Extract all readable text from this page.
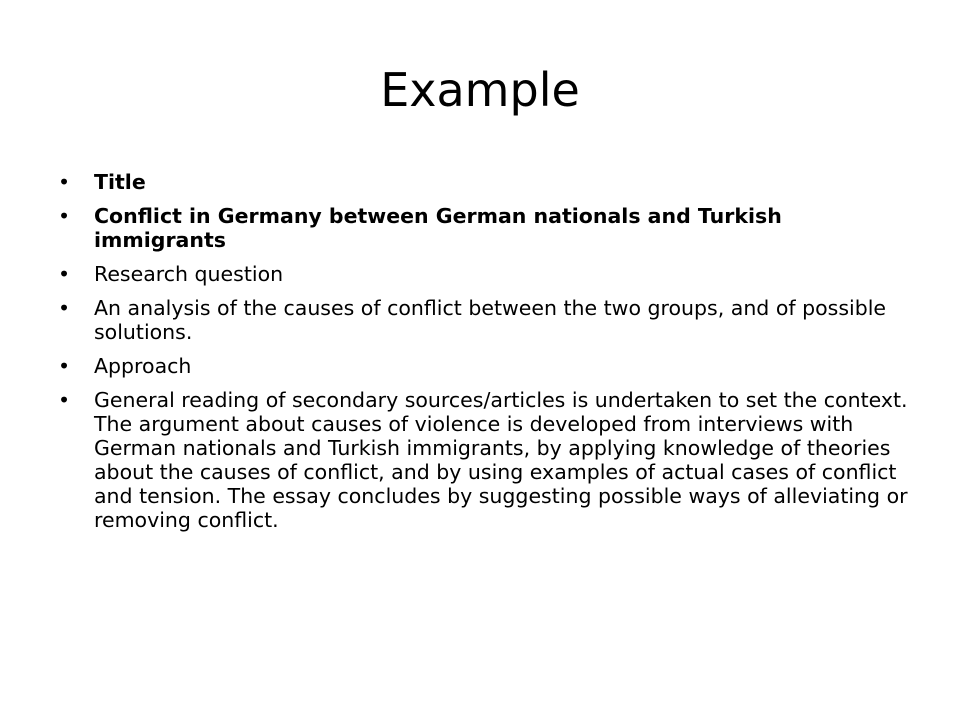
Example
•	Title
•	Conflict in Germany between German nationals and Turkish immigrants
•	Research question
•	An analysis of the causes of conflict between the two groups, and of possible solutions.
•	Approach
•	General reading of secondary sources/articles is undertaken to set the context. The argument about causes of violence is developed from interviews with German nationals and Turkish immigrants, by applying knowledge of theories about the causes of conflict, and by using examples of actual cases of conflict and tension. The essay concludes by suggesting possible ways of alleviating or removing conflict.
